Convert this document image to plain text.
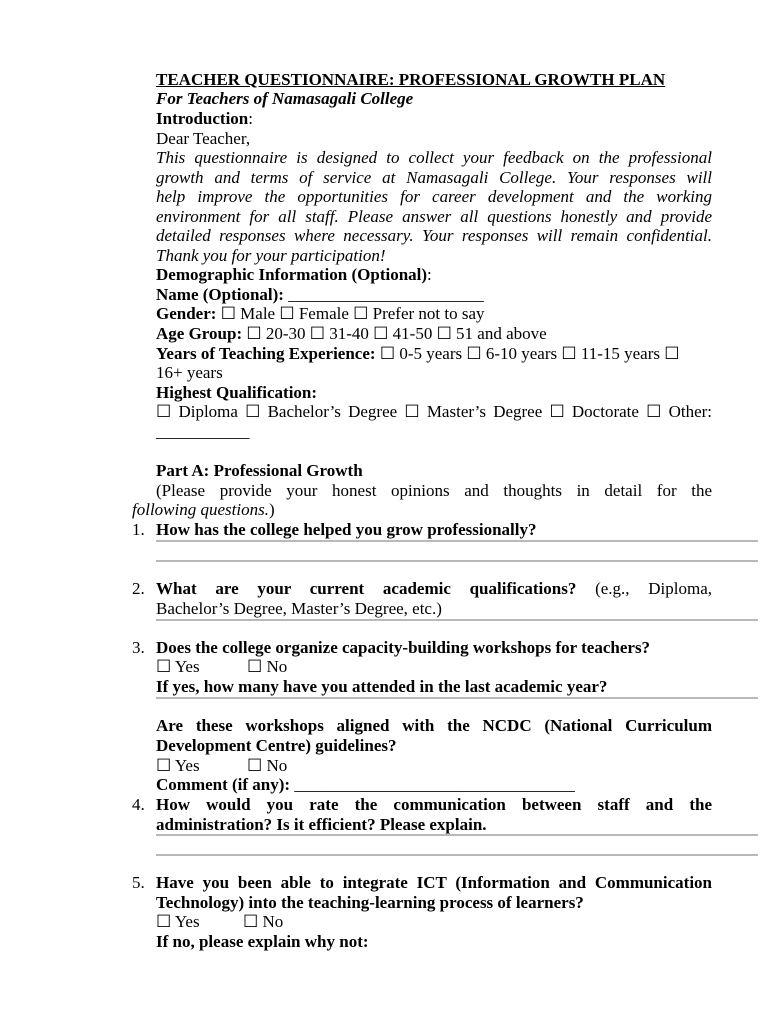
TEACHER QUESTIONNAIRE: PROFESSIONAL GROWTH PLAN
For Teachers of Namasagali College
Introduction:
Dear Teacher,
This questionnaire is designed to collect your feedback on the professional
growth and terms of service at Namasagali College. Your responses will
help improve the opportunities for career development and the working
environment for all staff. Please answer all questions honestly and provide
detailed responses where necessary. Your responses will remain confidential.
Thank you for your participation!
Demographic Information (Optional):
Name (Optional): _______________________
Gender: ☐ Male ☐ Female ☐ Prefer not to say
Age Group: ☐ 20-30 ☐ 31-40 ☐ 41-50 ☐ 51 and above
Years of Teaching Experience: ☐ 0-5 years ☐ 6-10 years ☐ 11-15 years ☐
16+ years
Highest Qualification:
☐ Diploma ☐ Bachelor’s Degree ☐ Master’s Degree ☐ Doctorate ☐ Other:
___________
Part A: Professional Growth
(Please provide your honest opinions and thoughts in detail for the
following questions.)
1. How has the college helped you grow professionally?
2. What are your current academic qualifications? (e.g., Diploma,
Bachelor’s Degree, Master’s Degree, etc.)
3. Does the college organize capacity-building workshops for teachers?
☐ Yes	☐ No
If yes, how many have you attended in the last academic year?
Are these workshops aligned with the NCDC (National Curriculum
Development Centre) guidelines?
☐ Yes	☐ No
Comment (if any): _________________________________
4. How would you rate the communication between staff and the
administration? Is it efficient? Please explain.
5. Have you been able to integrate ICT (Information and Communication
Technology) into the teaching-learning process of learners?
☐ Yes	☐ No
If no, please explain why not:
